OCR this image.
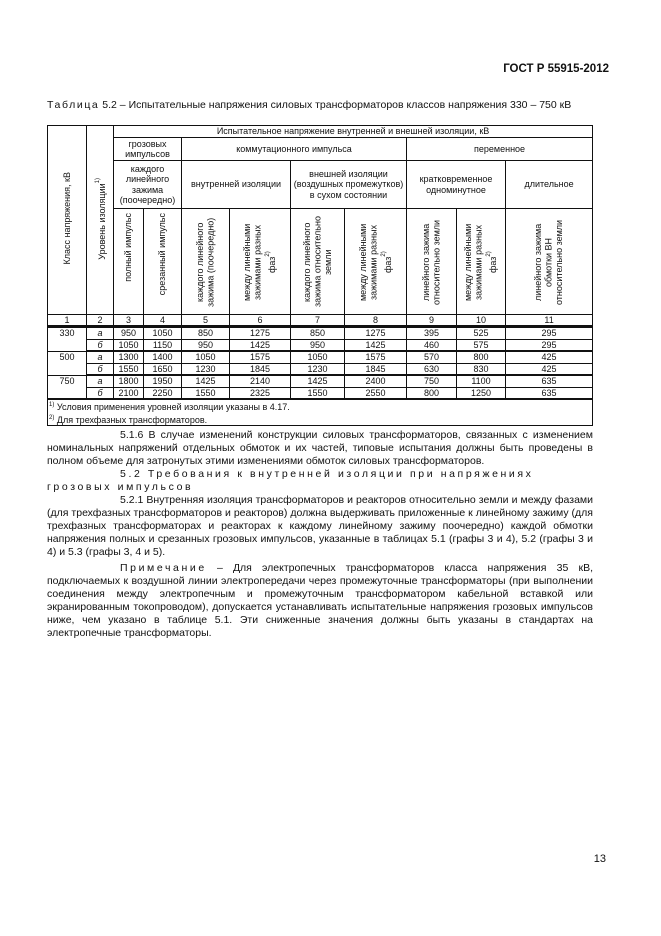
ГОСТ Р 55915-2012
Таблица 5.2 – Испытательные напряжения силовых трансформаторов классов напряжения 330 – 750 кВ
Класс напряжения, кВ	Уровень изоляции$^{1)}$	Испытательное напряжение внутренней и внешней изоляции, кВ								
		грозовых импульсов		коммутационного импульса				переменное		
		каждого линейного зажима (поочередно)		внутренней изоляции		внешней изоляции (воздушных промежутков) в сухом состоянии		кратковременное одноминутное		длительное
		полный импульс	срезанный импульс	каждого линейного зажима (поочередно)	между линейными зажимами разных фаз$^{2)}$	каждого линейного зажима относительно земли	между линейными зажимами разных фаз$^{2)}$	линейного зажима относительно земли	между линейными зажимами разных фаз$^{2)}$	линейного зажима обмотки ВН относительно земли
1	2	3	4	5	6	7	8	9	10	11
330	а	950	1050	850	1275	850	1275	395	525	295
	б	1050	1150	950	1425	950	1425	460	575	295
500	а	1300	1400	1050	1575	1050	1575	570	800	425
	б	1550	1650	1230	1845	1230	1845	630	830	425
750	а	1800	1950	1425	2140	1425	2400	750	1100	635
	б	2100	2250	1550	2325	1550	2550	800	1250	635

$^{1)}$ Условия применения уровней изоляции указаны в 4.17.
$^{2)}$ Для трехфазных трансформаторов.										

5.1.6 В случае изменений конструкции силовых трансформаторов, связанных с изменением номинальных напряжений отдельных обмоток и их частей, типовые испытания должны быть проведены в полном объеме для затронутых этими изменениями обмоток силовых трансформаторов.

5.2 Требования к внутренней изоляции при напряжениях грозовых импульсов

5.2.1 Внутренняя изоляция трансформаторов и реакторов относительно земли и между фазами (для трехфазных трансформаторов и реакторов) должна выдерживать приложенные к линейному зажиму (для трехфазных трансформаторах и реакторах к каждому линейному зажиму поочередно) каждой обмотки напряжения полных и срезанных грозовых импульсов, указанные в таблицах 5.1 (графы 3 и 4), 5.2 (графы 3 и 4) и 5.3 (графы 3, 4 и 5).

Примечание – Для электропечных трансформаторов класса напряжения 35 кВ, подключаемых к воздушной линии электропередачи через промежуточные трансформаторы (при выполнении соединения между электропечным и промежуточным трансформатором кабельной вставкой или экранированным токопроводом), допускается устанавливать испытательные напряжения грозовых импульсов ниже, чем указано в таблице 5.1. Эти сниженные значения должны быть указаны в стандартах на электропечные трансформаторы.

13
